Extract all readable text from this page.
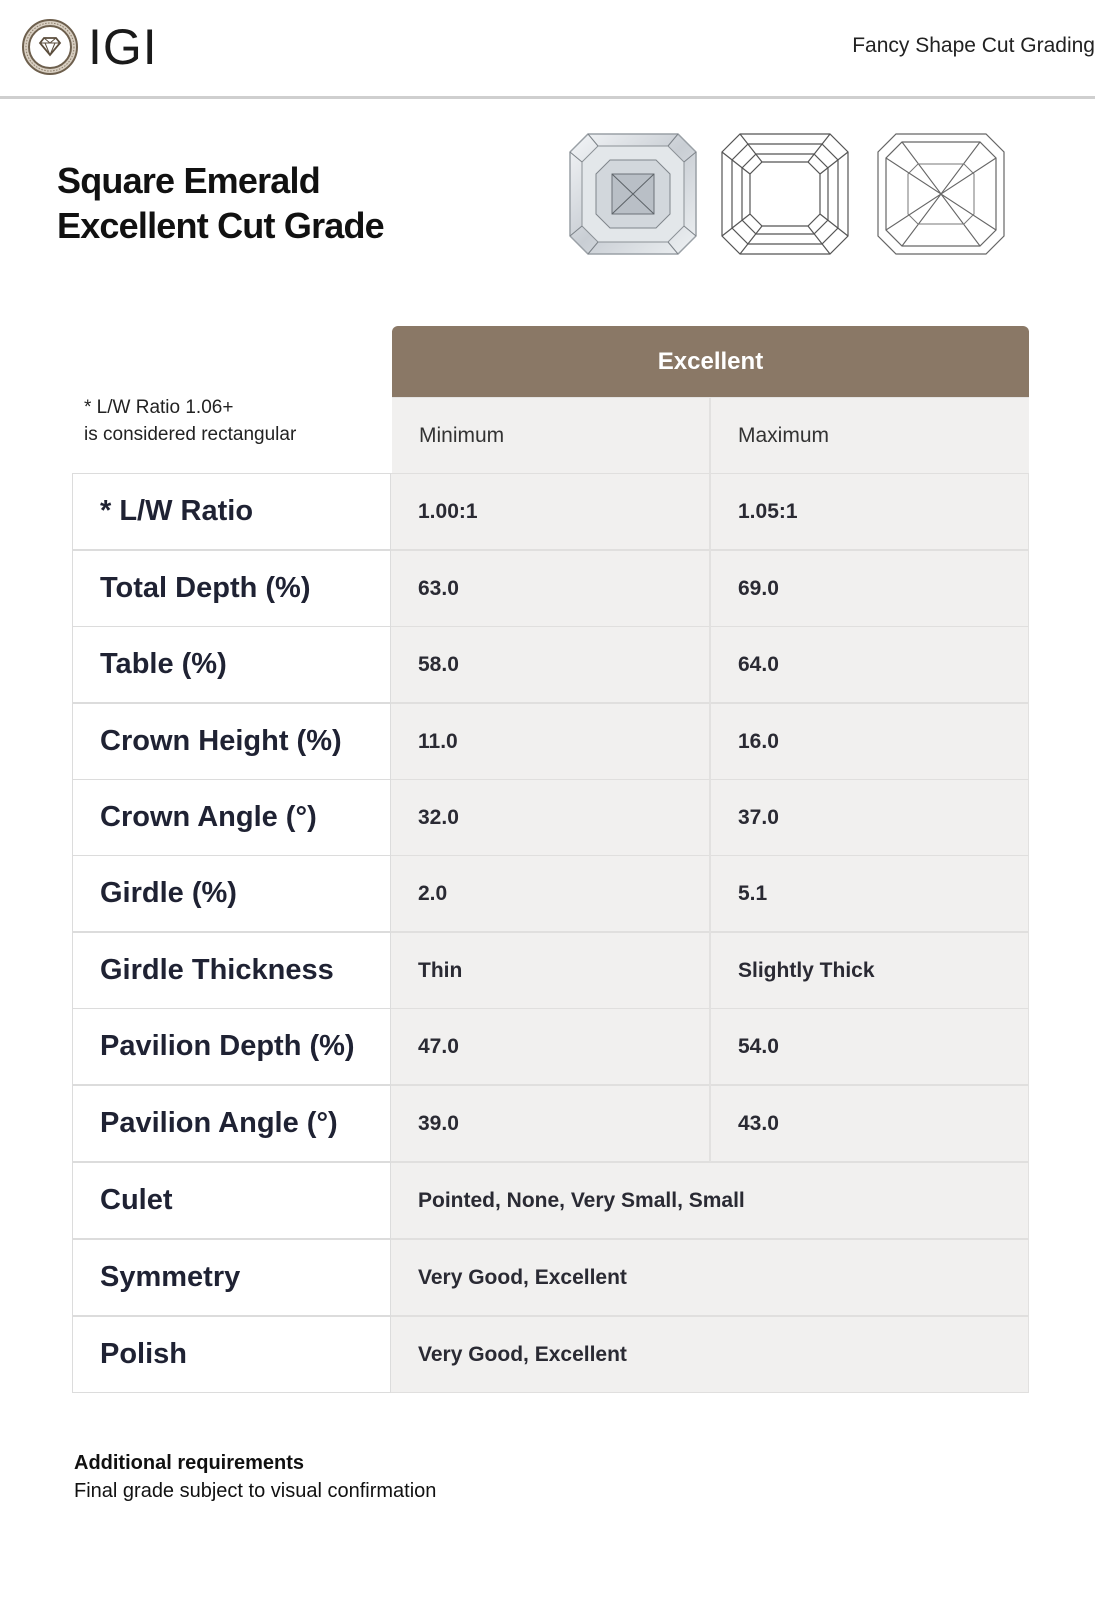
IGI	Fancy Shape Cut Grading
Square Emerald
Excellent Cut Grade
* L/W Ratio 1.06+
is considered rectangular
Excellent
Minimum	Maximum
* L/W Ratio	1.00:1	1.05:1
Total Depth (%)	63.0	69.0
Table (%)	58.0	64.0
Crown Height (%)	11.0	16.0
Crown Angle (°)	32.0	37.0
Girdle (%)	2.0	5.1
Girdle Thickness	Thin	Slightly Thick
Pavilion Depth (%)	47.0	54.0
Pavilion Angle (°)	39.0	43.0
Culet	Pointed, None, Very Small, Small
Symmetry	Very Good, Excellent
Polish	Very Good, Excellent
Additional requirements
Final grade subject to visual confirmation
